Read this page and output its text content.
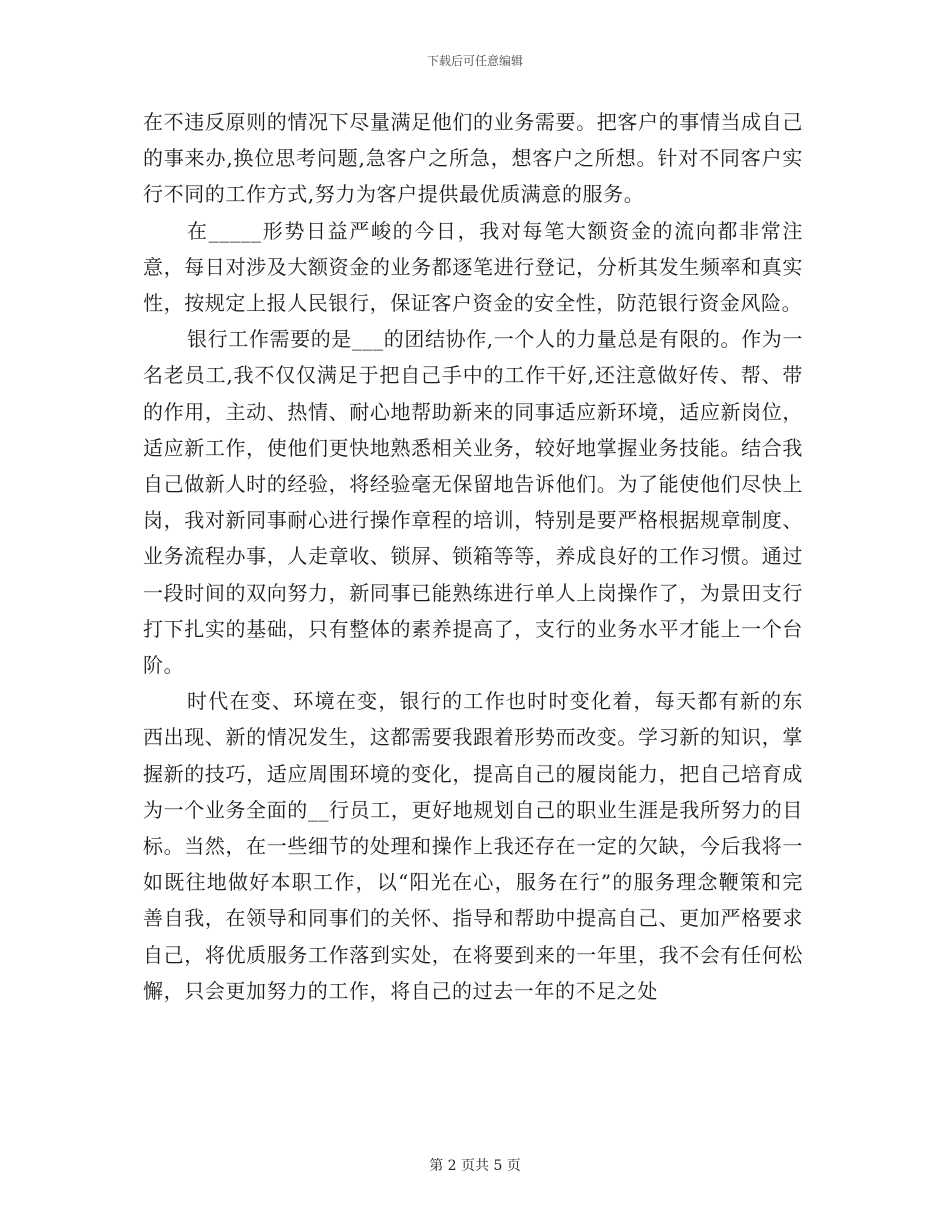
下载后可任意编辑

在不违反原则的情况下尽量满足他们的业务需要。把客户的事情当成自己的事来办,换位思考问题,急客户之所急，想客户之所想。针对不同客户实行不同的工作方式,努力为客户提供最优质满意的服务。

在_____形势日益严峻的今日，我对每笔大额资金的流向都非常注意，每日对涉及大额资金的业务都逐笔进行登记，分析其发生频率和真实性，按规定上报人民银行，保证客户资金的安全性，防范银行资金风险。

银行工作需要的是___的团结协作,一个人的力量总是有限的。作为一名老员工,我不仅仅满足于把自己手中的工作干好,还注意做好传、帮、带的作用，主动、热情、耐心地帮助新来的同事适应新环境，适应新岗位，适应新工作，使他们更快地熟悉相关业务，较好地掌握业务技能。结合我自己做新人时的经验，将经验毫无保留地告诉他们。为了能使他们尽快上岗，我对新同事耐心进行操作章程的培训，特别是要严格根据规章制度、业务流程办事，人走章收、锁屏、锁箱等等，养成良好的工作习惯。通过一段时间的双向努力，新同事已能熟练进行单人上岗操作了，为景田支行打下扎实的基础，只有整体的素养提高了，支行的业务水平才能上一个台阶。

时代在变、环境在变，银行的工作也时时变化着，每天都有新的东西出现、新的情况发生，这都需要我跟着形势而改变。学习新的知识，掌握新的技巧，适应周围环境的变化，提高自己的履岗能力，把自己培育成为一个业务全面的__行员工，更好地规划自己的职业生涯是我所努力的目标。当然，在一些细节的处理和操作上我还存在一定的欠缺，今后我将一如既往地做好本职工作，以“阳光在心，服务在行”的服务理念鞭策和完善自我，在领导和同事们的关怀、指导和帮助中提高自己、更加严格要求自己，将优质服务工作落到实处，在将要到来的一年里，我不会有任何松懈，只会更加努力的工作，将自己的过去一年的不足之处

第 2 页共 5 页
